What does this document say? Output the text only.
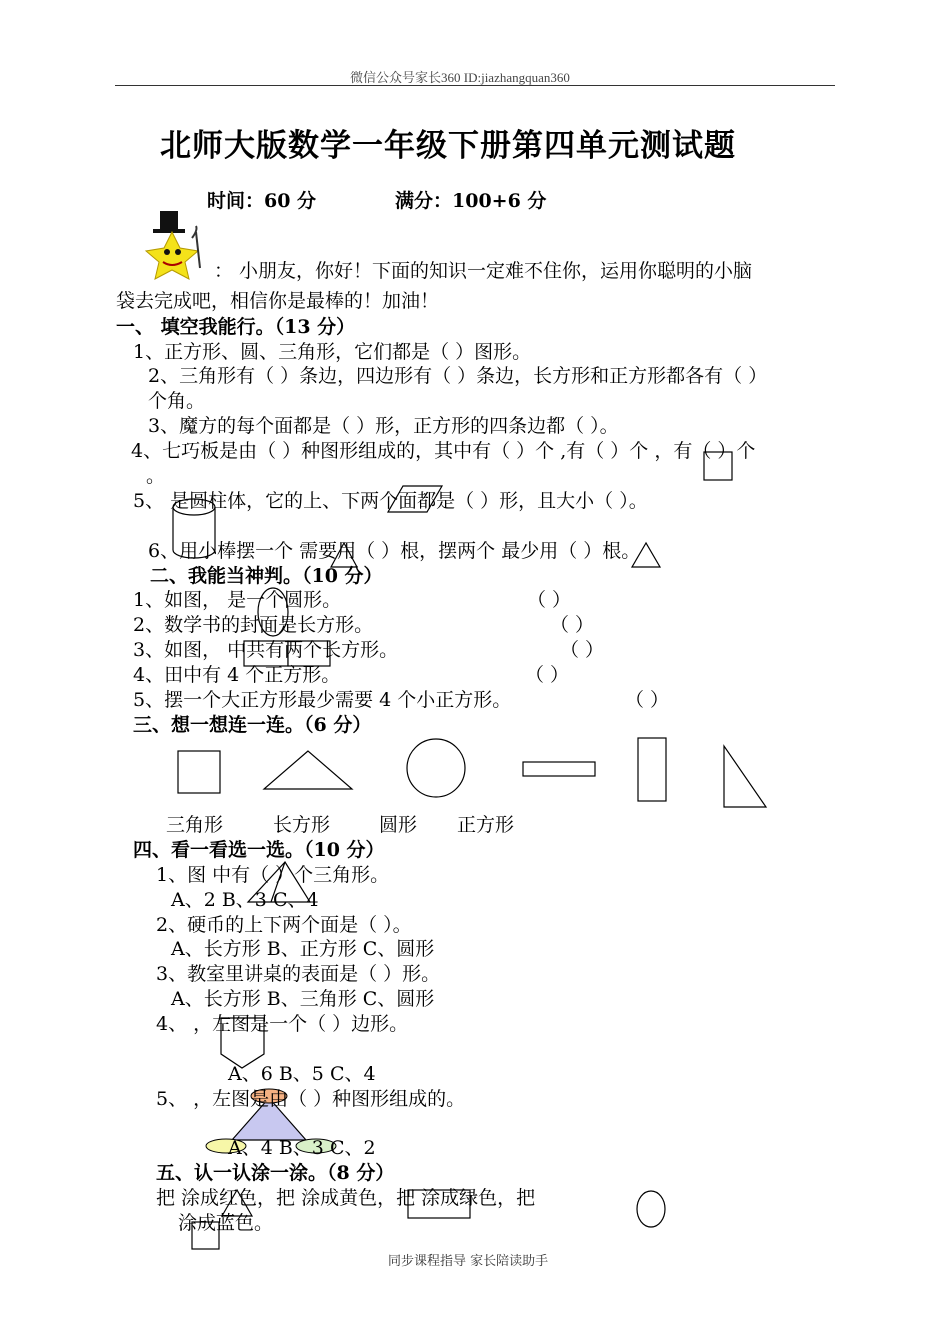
微信公众号家长360 ID:jiazhangquan360
北师大版数学一年级下册第四单元测试题
时间：60 分	满分：100+6 分
： 小朋友，你好！下面的知识一定难不住你，运用你聪明的小脑
袋去完成吧，相信你是最棒的！加油！
一、 填空我能行。（13 分）
1、正方形、圆、三角形，它们都是（ ）图形。
2、三角形有（ ）条边，四边形有（ ）条边，长方形和正方形都各有（ ）
个角。
3、魔方的每个面都是（ ）形，正方形的四条边都（ ）。
4、七巧板是由（ ）种图形组成的，其中有（ ）个 ,有（ ）个 ，有（ ）个
。
5、 是圆柱体，它的上、下两个面都是（ ）形，且大小（ ）。
6、用小棒摆一个 需要用（ ）根，摆两个 最少用（ ）根。
二、我能当神判。（10 分）
1、如图， 是一个圆形。	（ ）
2、数学书的封面是长方形。	（ ）
3、如图， 中共有两个长方形。	（ ）
4、田中有 4 个正方形。	（ ）
5、摆一个大正方形最少需要 4 个小正方形。	（ ）
三、想一想连一连。（6 分）
三角形	长方形	圆形 正方形
四、看一看选一选。（10 分）
1、图 中有（ ）个三角形。
A、2 B、3 C、4
2、硬币的上下两个面是（ ）。
A、长方形 B、正方形 C、圆形
3、教室里讲桌的表面是（ ）形。
A、长方形 B、三角形 C、圆形
4、 ，左图是一个（ ）边形。
A、6 B、5 C、4
5、 ，左图是由（ ）种图形组成的。
A、4 B、3 C、2
五、认一认涂一涂。（8 分）
把 涂成红色，把 涂成黄色，把 涂成绿色，把
涂成蓝色。
同步课程指导 家长陪读助手
